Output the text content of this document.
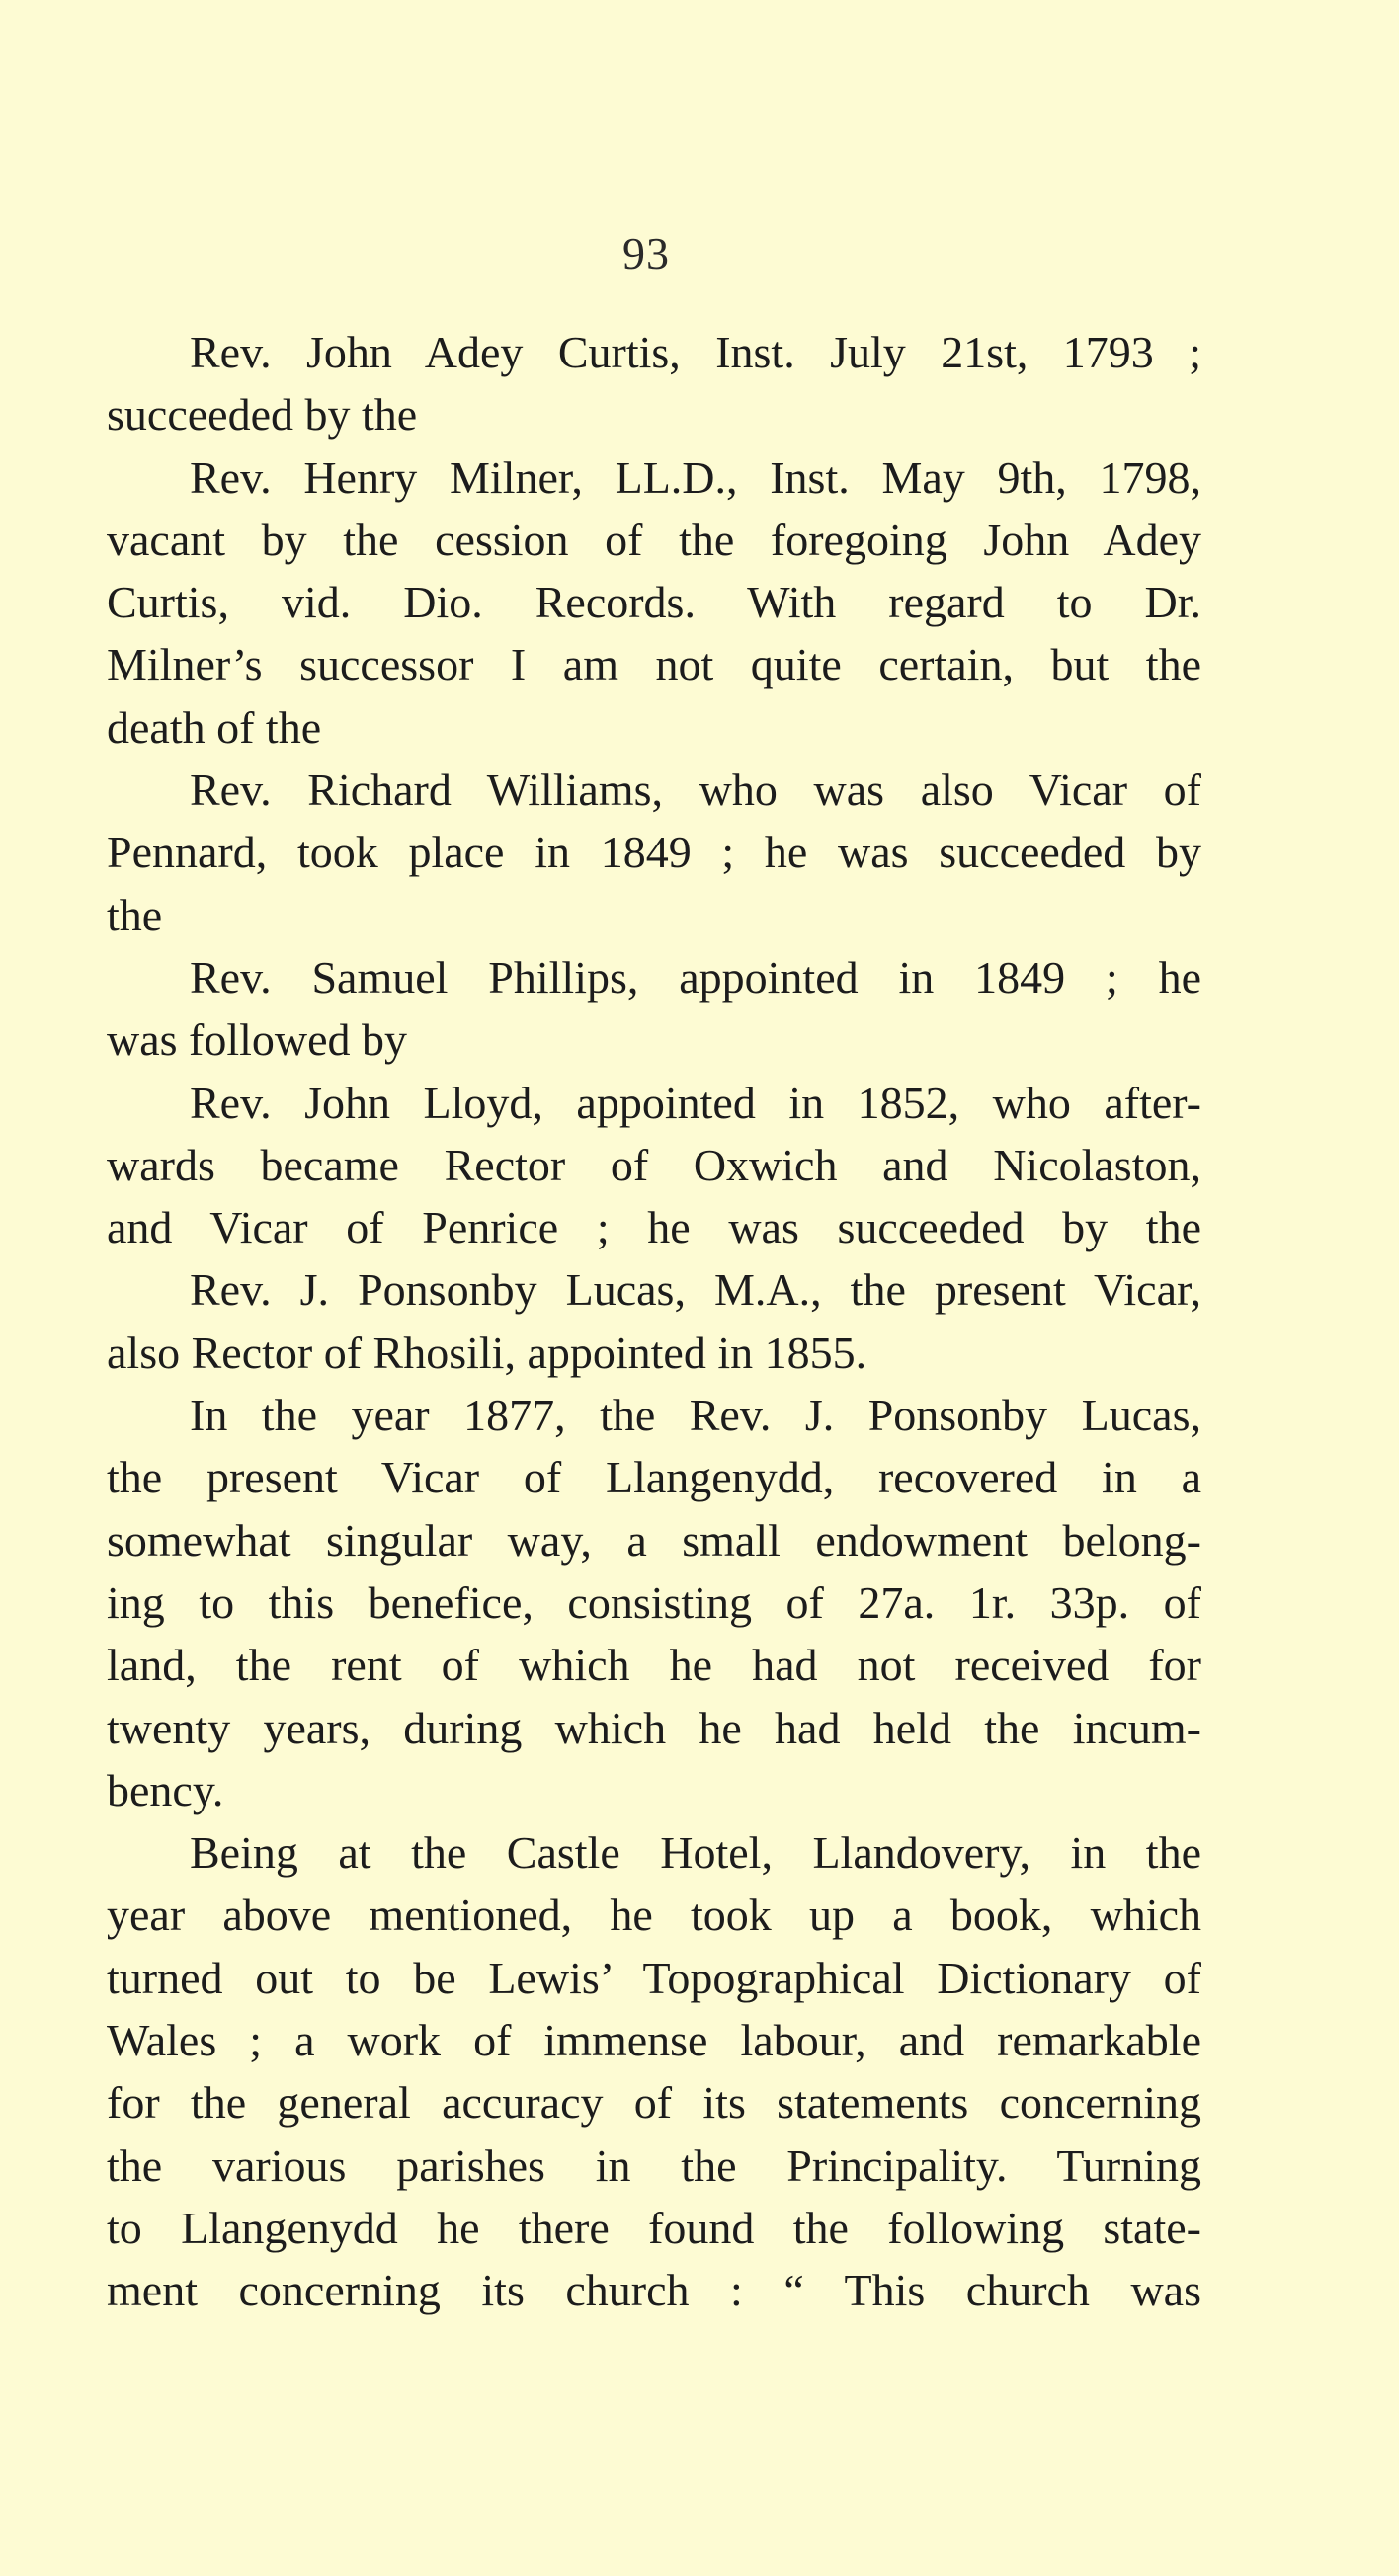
93
Rev. John Adey Curtis, Inst. July 21st, 1793 ;
succeeded by the
Rev. Henry Milner, LL.D., Inst. May 9th, 1798,
vacant by the cession of the foregoing John Adey
Curtis, vid. Dio. Records. With regard to Dr.
Milner’s successor I am not quite certain, but the
death of the
Rev. Richard Williams, who was also Vicar of
Pennard, took place in 1849 ; he was succeeded by
the
Rev. Samuel Phillips, appointed in 1849 ; he
was followed by
Rev. John Lloyd, appointed in 1852, who after-
wards became Rector of Oxwich and Nicolaston,
and Vicar of Penrice ; he was succeeded by the
Rev. J. Ponsonby Lucas, M.A., the present Vicar,
also Rector of Rhosili, appointed in 1855.
In the year 1877, the Rev. J. Ponsonby Lucas,
the present Vicar of Llangenydd, recovered in a
somewhat singular way, a small endowment belong-
ing to this benefice, consisting of 27a. 1r. 33p. of
land, the rent of which he had not received for
twenty years, during which he had held the incum-
bency.
Being at the Castle Hotel, Llandovery, in the
year above mentioned, he took up a book, which
turned out to be Lewis’ Topographical Dictionary of
Wales ; a work of immense labour, and remarkable
for the general accuracy of its statements concerning
the various parishes in the Principality. Turning
to Llangenydd he there found the following state-
ment concerning its church : “ This church was
